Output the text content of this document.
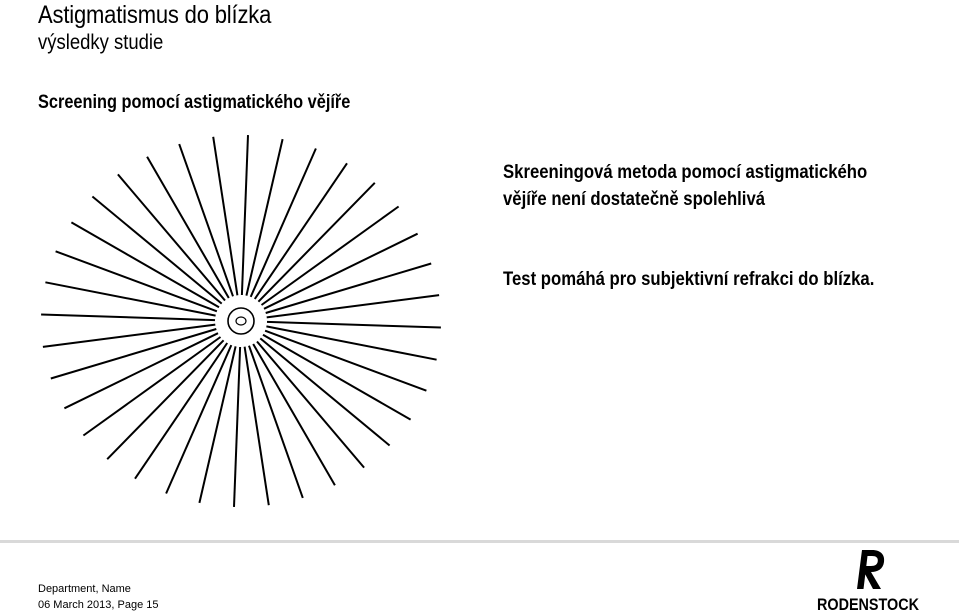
Astigmatismus do blízka
výsledky studie
Screening pomocí astigmatického vějíře
Skreeningová metoda pomocí astigmatického
vějíře není dostatečně spolehlivá
Test pomáhá pro subjektivní refrakci do blízka.
Department, Name
06 March 2013, Page 15	RODENSTOCK
